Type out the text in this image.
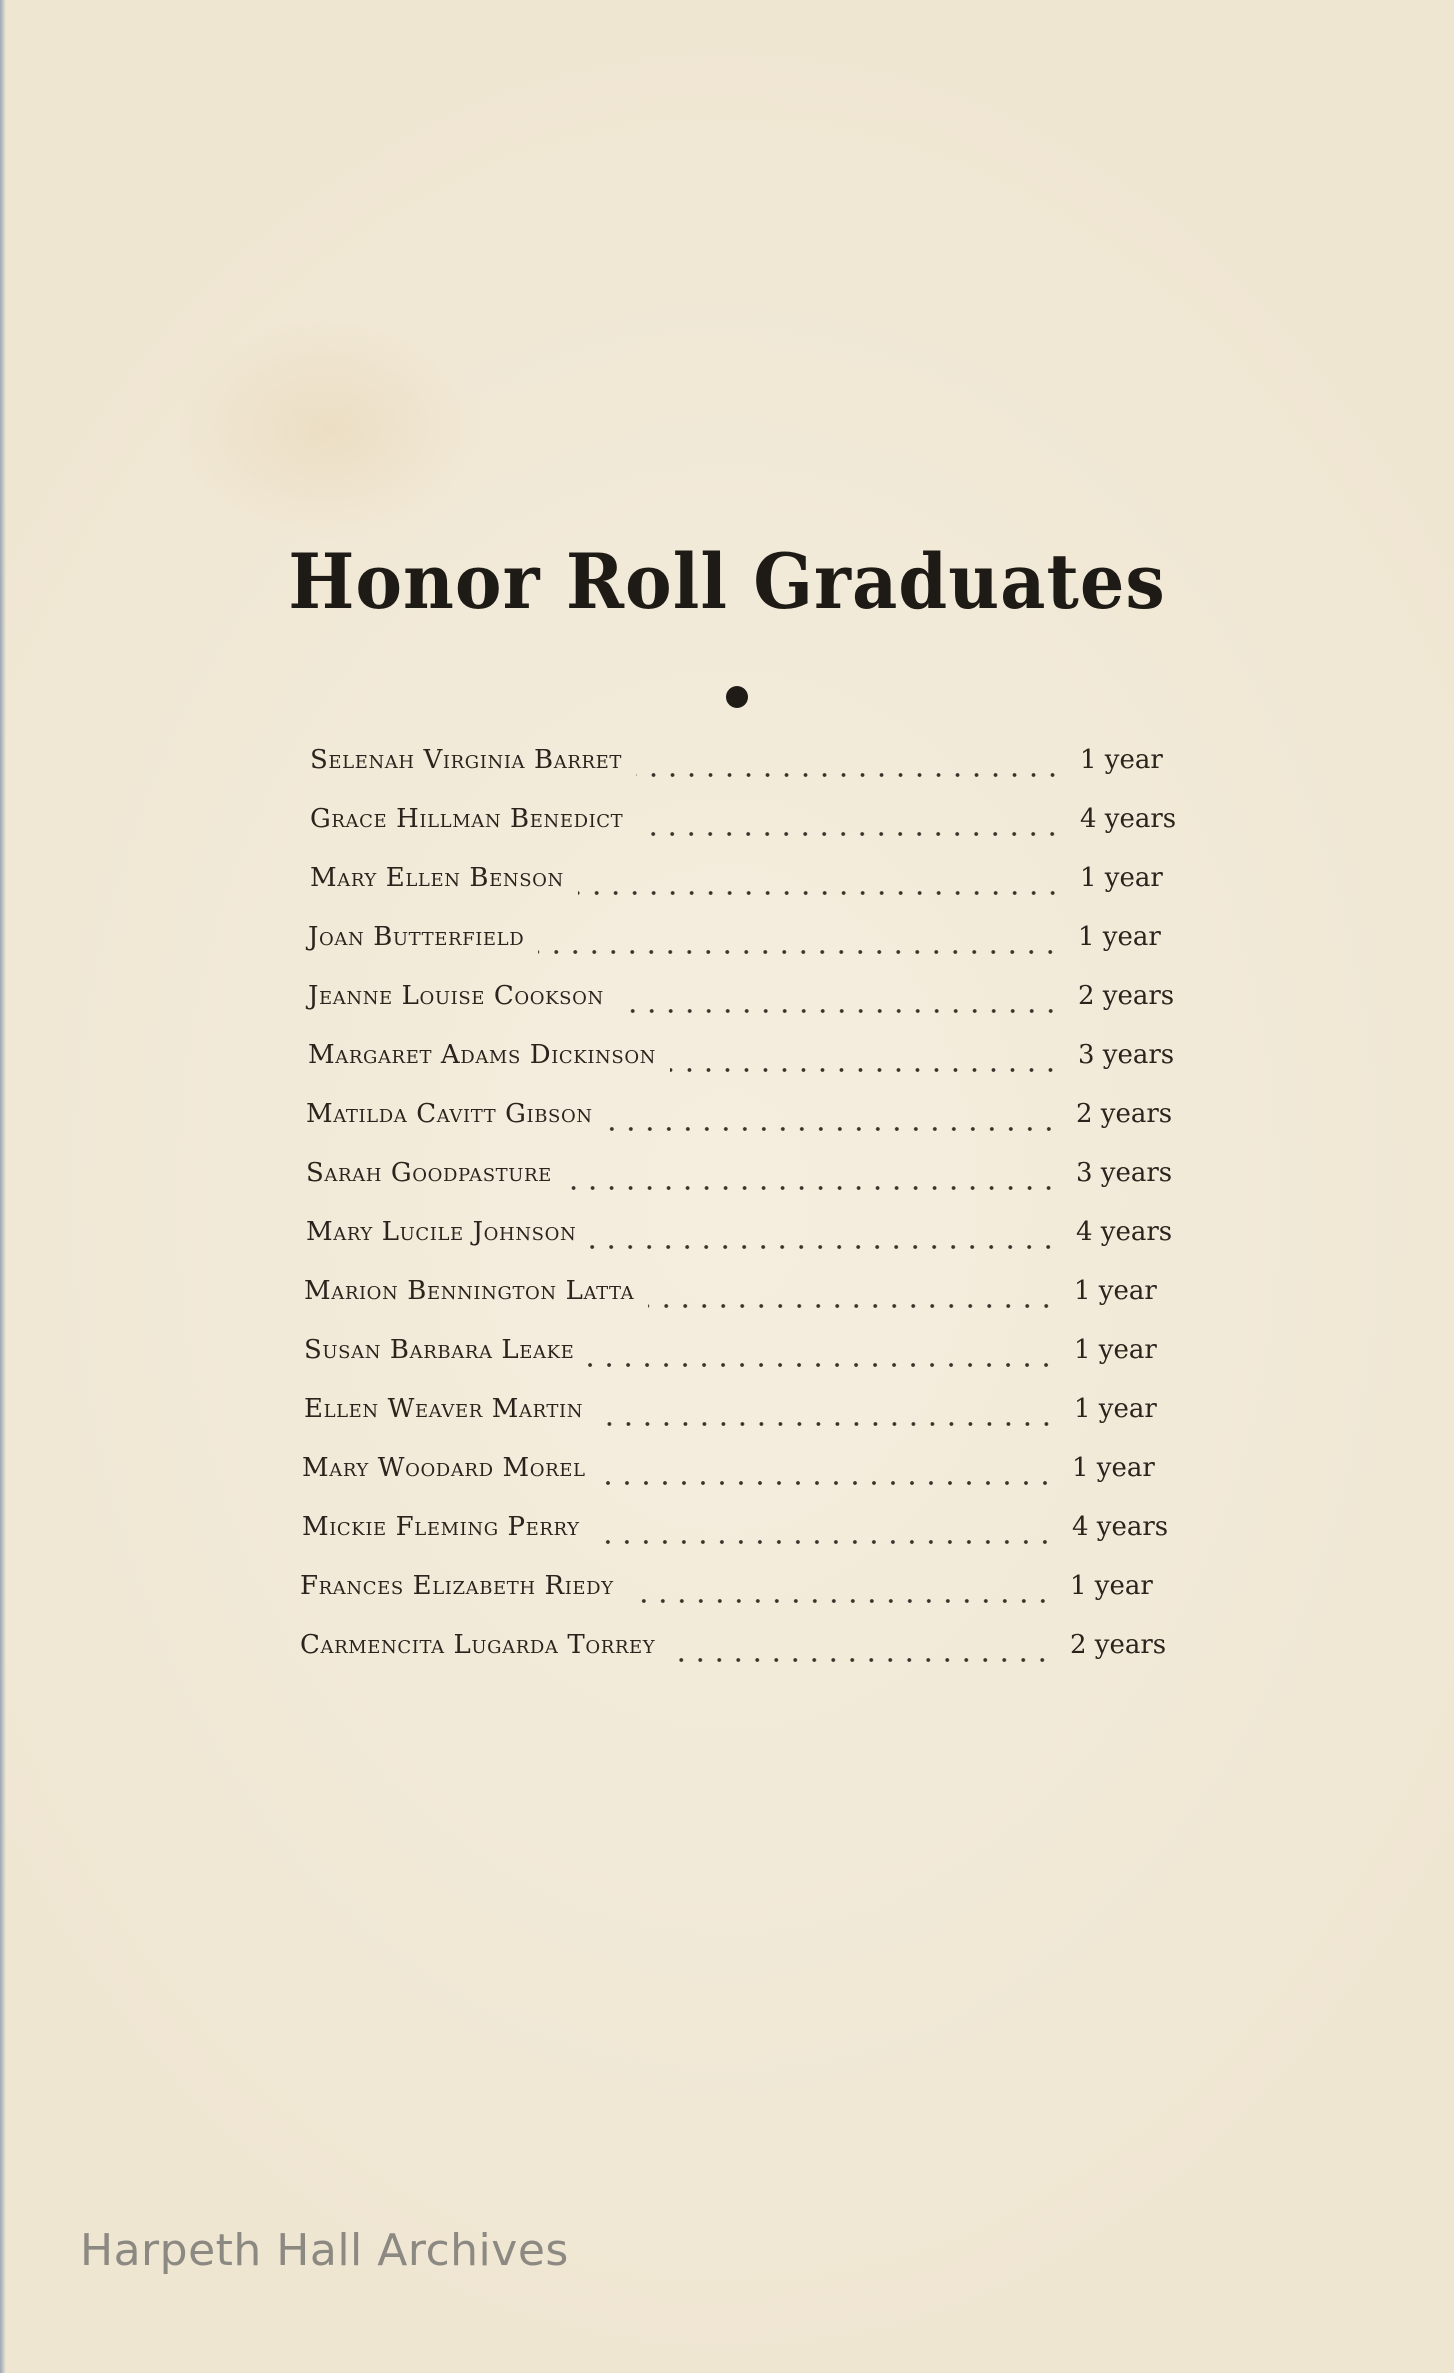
Honor Roll Graduates
Selenah Virginia Barret	1 year
Grace Hillman Benedict	4 years
Mary Ellen Benson	1 year
Joan Butterfield	1 year
Jeanne Louise Cookson	2 years
Margaret Adams Dickinson	3 years
Matilda Cavitt Gibson	2 years
Sarah Goodpasture	3 years
Mary Lucile Johnson	4 years
Marion Bennington Latta	1 year
Susan Barbara Leake	1 year
Ellen Weaver Martin	1 year
Mary Woodard Morel	1 year
Mickie Fleming Perry	4 years
Frances Elizabeth Riedy	1 year
Carmencita Lugarda Torrey	2 years
Harpeth Hall Archives
